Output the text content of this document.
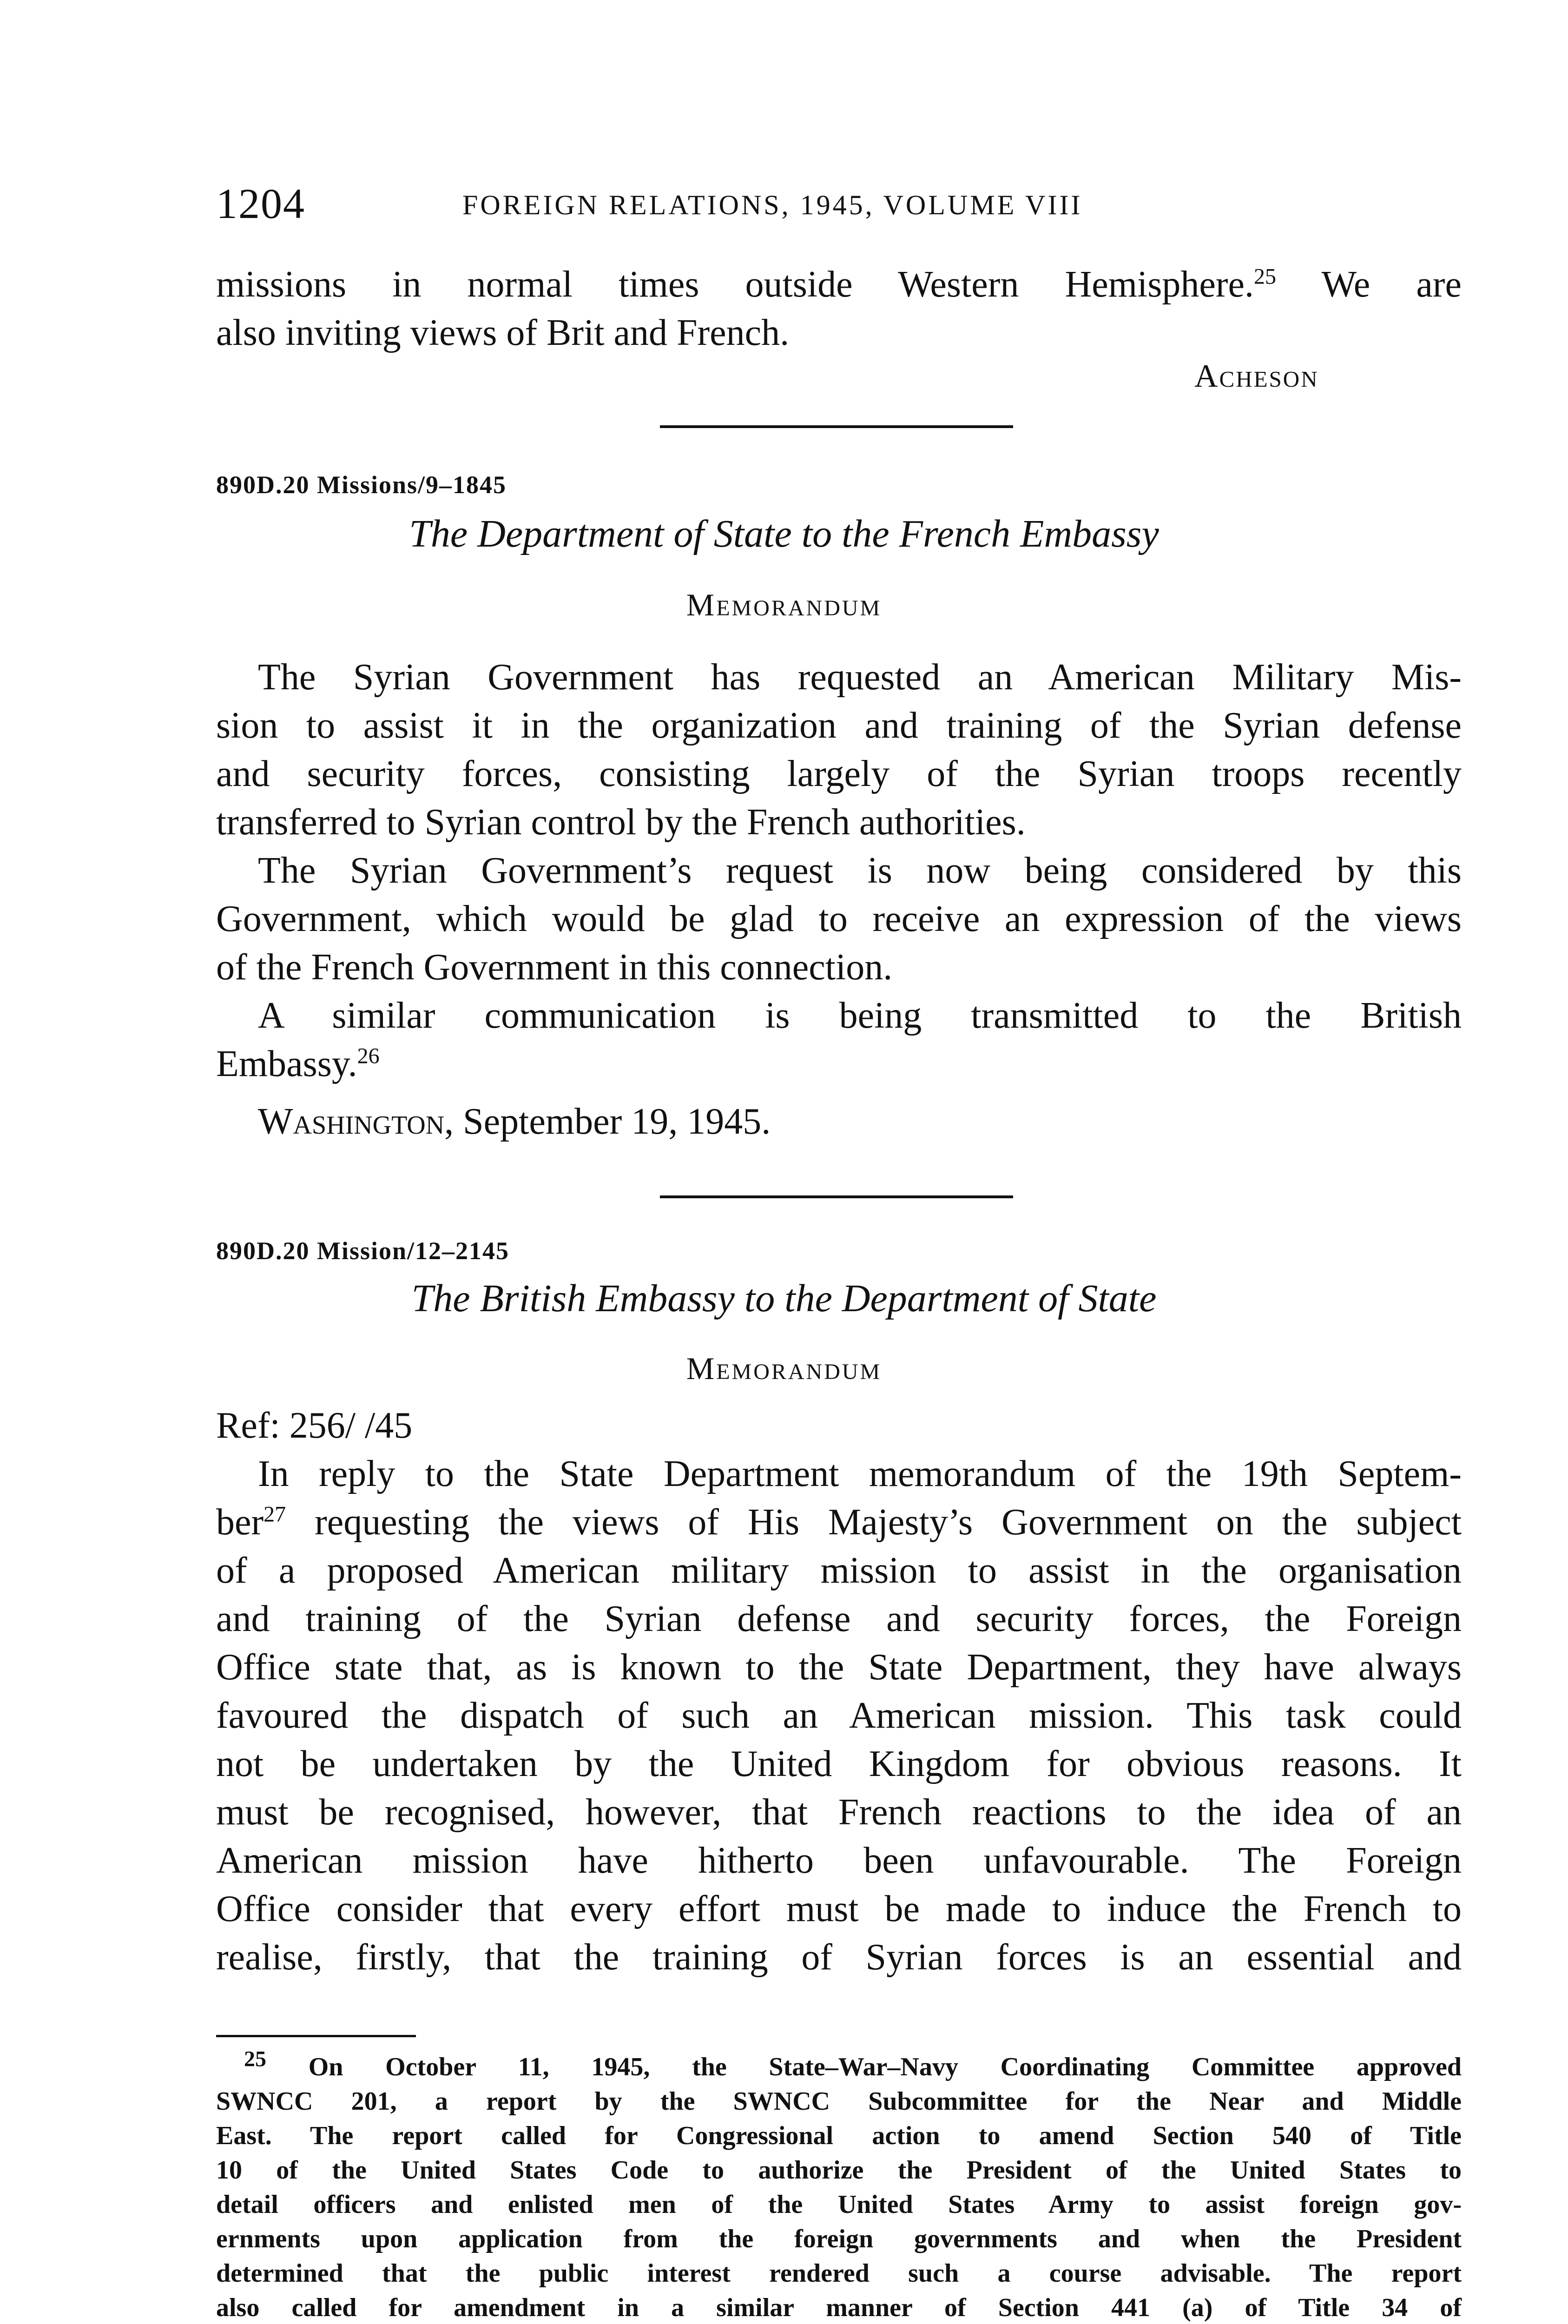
1204	FOREIGN RELATIONS, 1945, VOLUME VIII
missions in normal times outside Western Hemisphere.$^{25}$ We are
also inviting views of Brit and French.
Acheson
890D.20 Missions/9–1845
The Department of State to the French Embassy
Memorandum
The Syrian Government has requested an American Military Mis-
sion to assist it in the organization and training of the Syrian defense
and security forces, consisting largely of the Syrian troops recently
transferred to Syrian control by the French authorities.
The Syrian Government’s request is now being considered by this
Government, which would be glad to receive an expression of the views
of the French Government in this connection.
A similar communication is being transmitted to the British
Embassy.$^{26}$
Washington, September 19, 1945.
890D.20 Mission/12–2145
The British Embassy to the Department of State
Memorandum
Ref: 256/ /45
In reply to the State Department memorandum of the 19th Septem-
ber$^{27}$ requesting the views of His Majesty’s Government on the subject
of a proposed American military mission to assist in the organisation
and training of the Syrian defense and security forces, the Foreign
Office state that, as is known to the State Department, they have always
favoured the dispatch of such an American mission. This task could
not be undertaken by the United Kingdom for obvious reasons. It
must be recognised, however, that French reactions to the idea of an
American mission have hitherto been unfavourable. The Foreign
Office consider that every effort must be made to induce the French to
realise, firstly, that the training of Syrian forces is an essential and
$^{25}$ On October 11, 1945, the State–War–Navy Coordinating Committee approved
SWNCC 201, a report by the SWNCC Subcommittee for the Near and Middle
East. The report called for Congressional action to amend Section 540 of Title
10 of the United States Code to authorize the President of the United States to
detail officers and enlisted men of the United States Army to assist foreign gov-
ernments upon application from the foreign governments and when the President
determined that the public interest rendered such a course advisable. The report
also called for amendment in a similar manner of Section 441 (a) of Title 34 of
